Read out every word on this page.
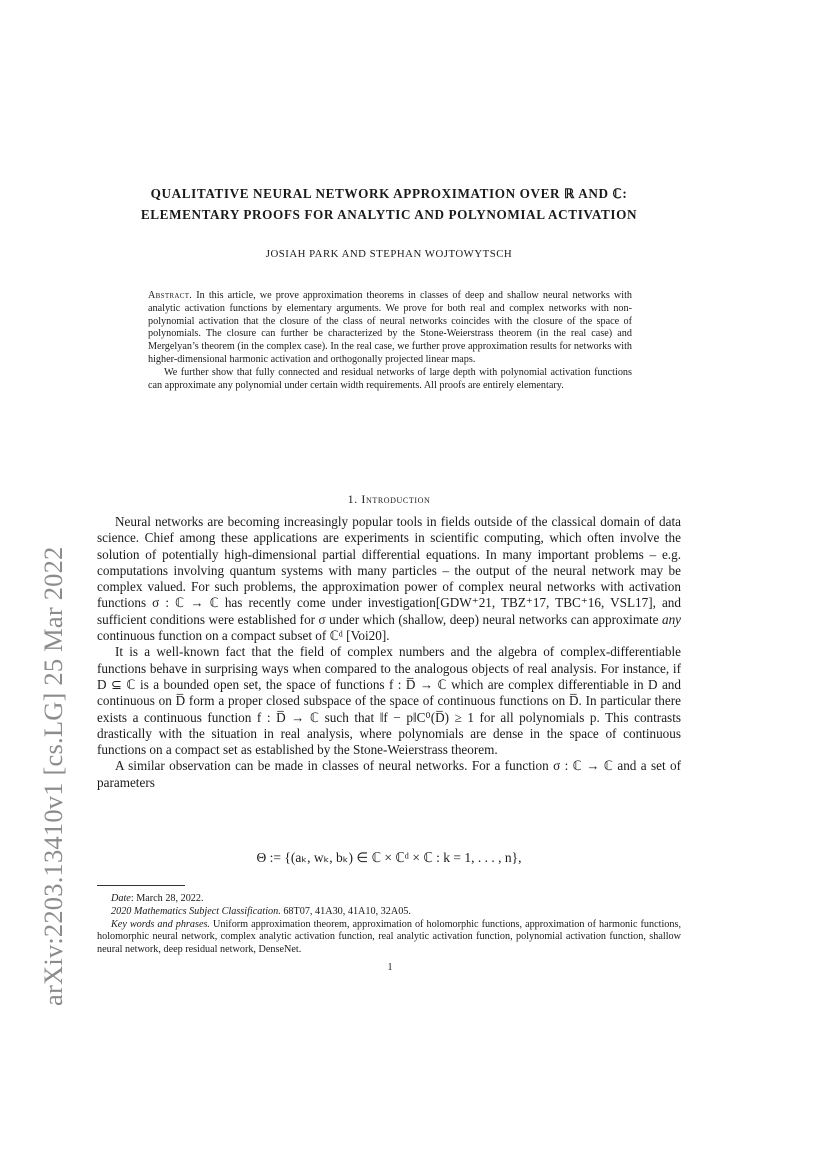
arXiv:2203.13410v1 [cs.LG] 25 Mar 2022
QUALITATIVE NEURAL NETWORK APPROXIMATION OVER ℝ AND ℂ:
ELEMENTARY PROOFS FOR ANALYTIC AND POLYNOMIAL ACTIVATION
JOSIAH PARK AND STEPHAN WOJTOWYTSCH

Abstract. In this article, we prove approximation theorems in classes of deep and shallow neural networks with analytic activation functions by elementary arguments. We prove for both real and complex networks with non-polynomial activation that the closure of the class of neural networks coincides with the closure of the space of polynomials. The closure can further be characterized by the Stone-Weierstrass theorem (in the real case) and Mergelyan’s theorem (in the complex case). In the real case, we further prove approximation results for networks with higher-dimensional harmonic activation and orthogonally projected linear maps.

We further show that fully connected and residual networks of large depth with polynomial activation functions can approximate any polynomial under certain width requirements. All proofs are entirely elementary.

1. Introduction

Neural networks are becoming increasingly popular tools in fields outside of the classical domain of data science. Chief among these applications are experiments in scientific computing, which often involve the solution of potentially high-dimensional partial differential equations. In many important problems – e.g. computations involving quantum systems with many particles – the output of the neural network may be complex valued. For such problems, the approximation power of complex neural networks with activation functions σ : ℂ → ℂ has recently come under investigation[GDW⁺21, TBZ⁺17, TBC⁺16, VSL17], and sufficient conditions were established for σ under which (shallow, deep) neural networks can approximate any continuous function on a compact subset of ℂᵈ [Voi20].

It is a well-known fact that the field of complex numbers and the algebra of complex-differentiable functions behave in surprising ways when compared to the analogous objects of real analysis. For instance, if D ⊆ ℂ is a bounded open set, the space of functions f : D̅ → ℂ which are complex differentiable in D and continuous on D̅ form a proper closed subspace of the space of continuous functions on D̅. In particular there exists a continuous function f : D̅ → ℂ such that ‖f − p‖C⁰(D̅) ≥ 1 for all polynomials p. This contrasts drastically with the situation in real analysis, where polynomials are dense in the space of continuous functions on a compact set as established by the Stone-Weierstrass theorem.

A similar observation can be made in classes of neural networks. For a function σ : ℂ → ℂ and a set of parameters

Θ := {(aₖ, wₖ, bₖ) ∈ ℂ × ℂᵈ × ℂ : k = 1, . . . , n},

Date: March 28, 2022.

2020 Mathematics Subject Classification. 68T07, 41A30, 41A10, 32A05.

Key words and phrases. Uniform approximation theorem, approximation of holomorphic functions, approximation of harmonic functions, holomorphic neural network, complex analytic activation function, real analytic activation function, polynomial activation function, shallow neural network, deep residual network, DenseNet.

1
